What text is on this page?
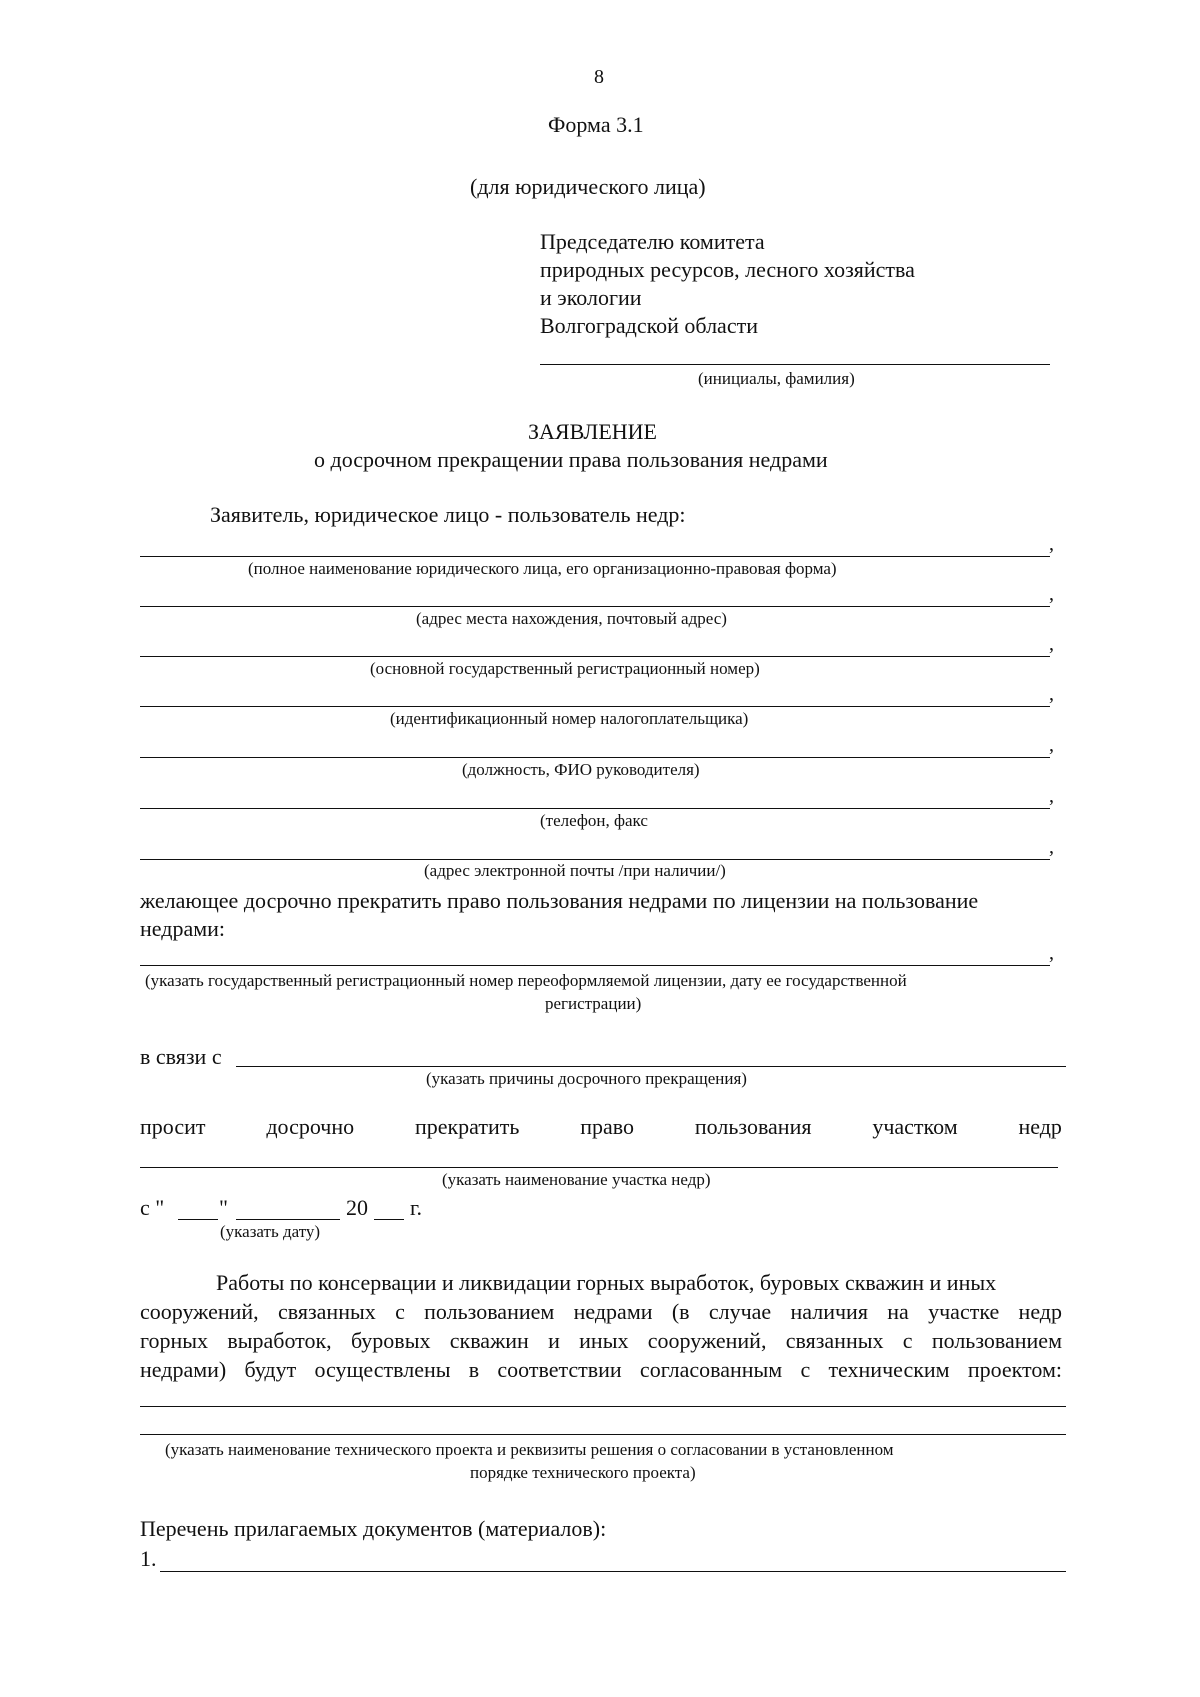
8
Форма 3.1
(для юридического лица)
Председателю комитета
природных ресурсов, лесного хозяйства
и экологии
Волгоградской области
(инициалы, фамилия)
ЗАЯВЛЕНИЕ
о досрочном прекращении права пользования недрами
Заявитель, юридическое лицо - пользователь недр:
,
(полное наименование юридического лица, его организационно-правовая форма)
,
(адрес места нахождения, почтовый адрес)
,
(основной государственный регистрационный номер)
,
(идентификационный номер налогоплательщика)
,
(должность, ФИО руководителя)
,
(телефон, факс
,
(адрес электронной почты /при наличии/)
желающее досрочно прекратить право пользования недрами по лицензии на пользование
недрами:
,
(указать государственный регистрационный номер переоформляемой лицензии, дату ее государственной
регистрации)
в связи с
(указать причины досрочного прекращения)
просит	досрочно	прекратить	право	пользования	участком	недр
(указать наименование участка недр)
с " "	20 г.
(указать дату)
Работы по консервации и ликвидации горных выработок, буровых скважин и иных
сооружений, связанных с пользованием недрами (в случае наличия на участке недр
горных выработок, буровых скважин и иных сооружений, связанных с пользованием
недрами) будут осуществлены в соответствии согласованным с техническим проектом:
(указать наименование технического проекта и реквизиты решения о согласовании в установленном
порядке технического проекта)
Перечень прилагаемых документов (материалов):
1.
